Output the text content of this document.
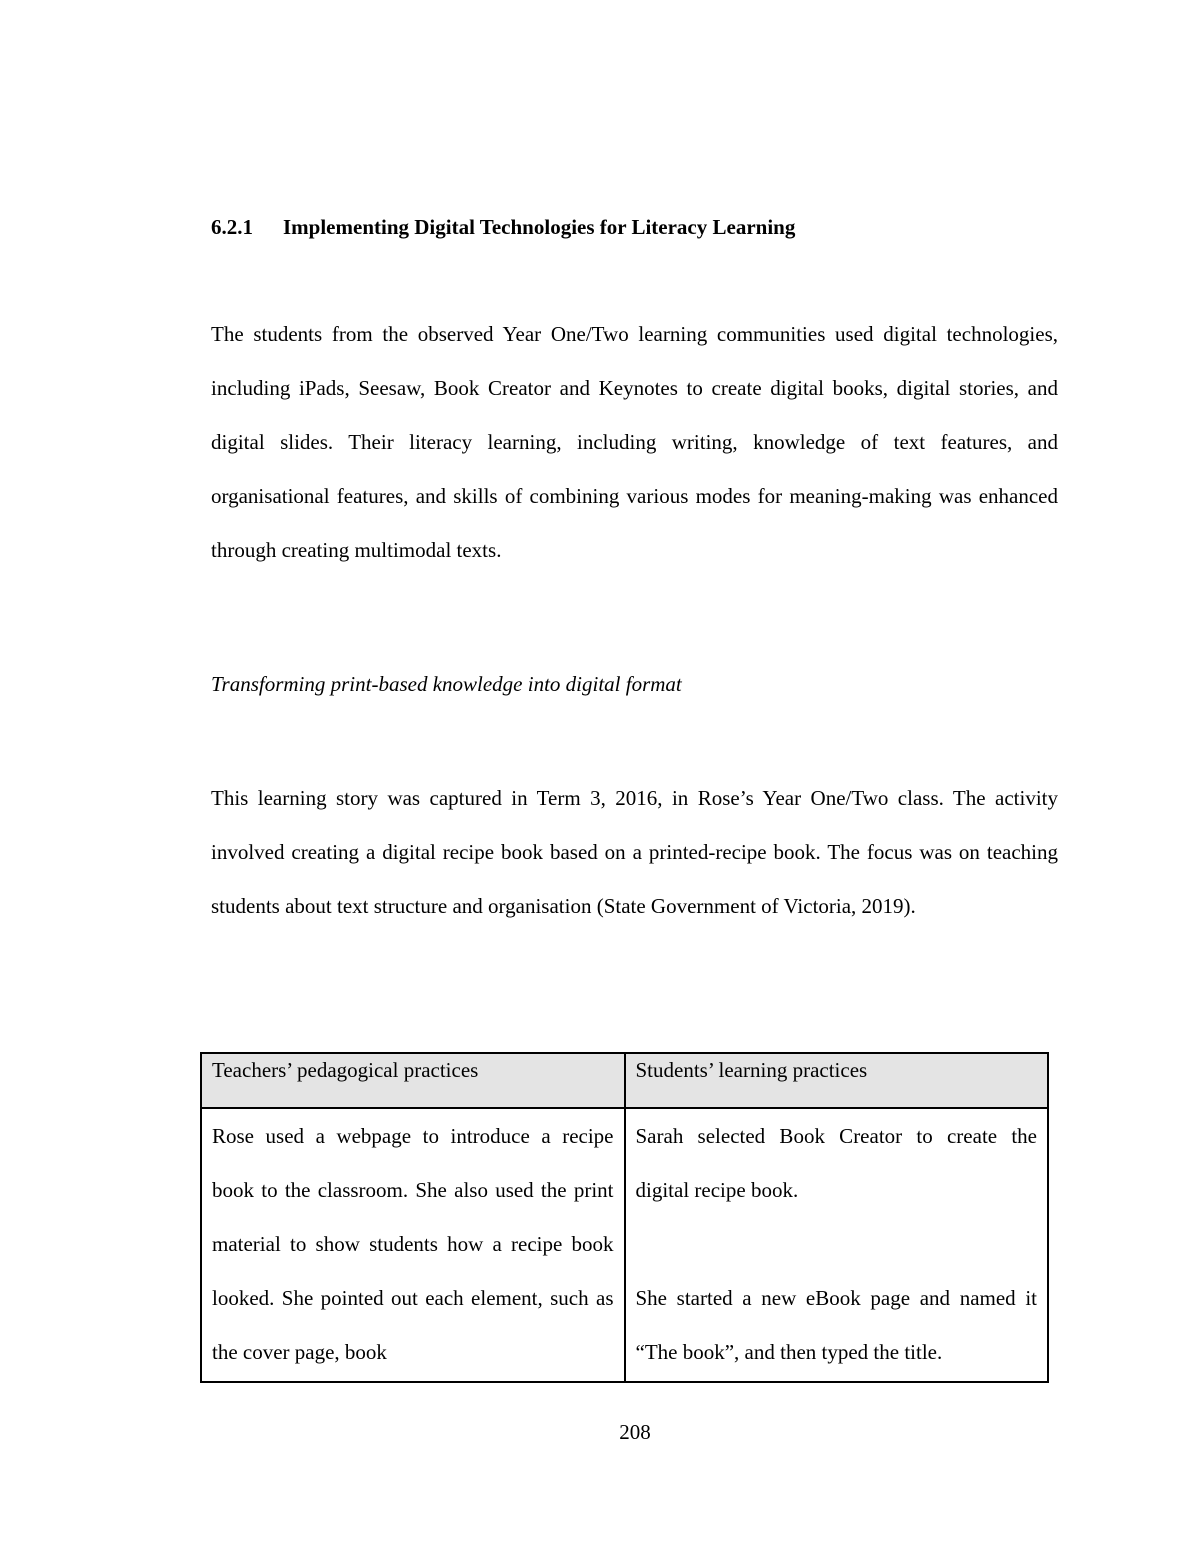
6.2.1 Implementing Digital Technologies for Literacy Learning

The students from the observed Year One/Two learning communities used digital technologies, including iPads, Seesaw, Book Creator and Keynotes to create digital books, digital stories, and digital slides. Their literacy learning, including writing, knowledge of text features, and organisational features, and skills of combining various modes for meaning-making was enhanced through creating multimodal texts.

Transforming print-based knowledge into digital format

This learning story was captured in Term 3, 2016, in Rose’s Year One/Two class. The activity involved creating a digital recipe book based on a printed-recipe book. The focus was on teaching students about text structure and organisation (State Government of Victoria, 2019).

Teachers’ pedagogical practices	Students’ learning practices
Rose used a webpage to introduce a recipe book to the classroom. She also used the print material to show students how a recipe book looked. She pointed out each element, such as the cover page, book	Sarah selected Book Creator to create the digital recipe book.
She started a new eBook page and named it “The book”, and then typed the title.
208
